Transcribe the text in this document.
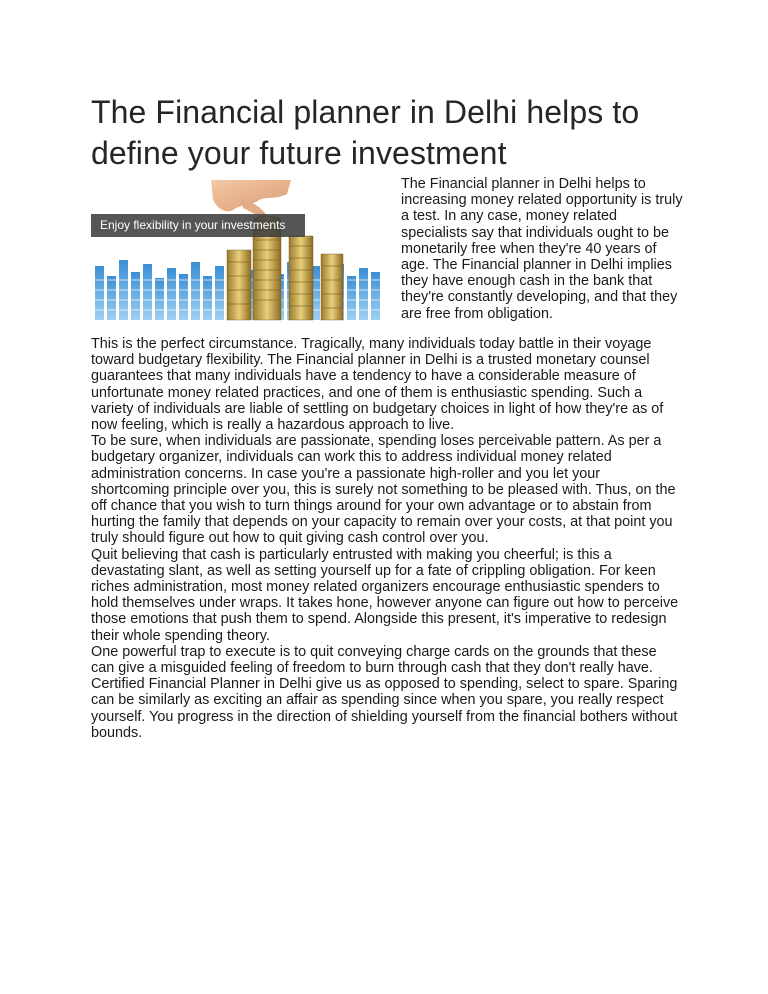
The Financial planner in Delhi helps to define your future investment
Enjoy flexibility in your investments

The Financial planner in Delhi helps to increasing money related opportunity is truly a test. In any case, money related specialists say that individuals ought to be monetarily free when they're 40 years of age. The Financial planner in Delhi implies they have enough cash in the bank that they're constantly developing, and that they are free from obligation.

This is the perfect circumstance. Tragically, many individuals today battle in their voyage toward budgetary flexibility. The Financial planner in Delhi is a trusted monetary counsel guarantees that many individuals have a tendency to have a considerable measure of unfortunate money related practices, and one of them is enthusiastic spending. Such a variety of individuals are liable of settling on budgetary choices in light of how they're as of now feeling, which is really a hazardous approach to live.

To be sure, when individuals are passionate, spending loses perceivable pattern. As per a budgetary organizer, individuals can work this to address individual money related administration concerns. In case you're a passionate high-roller and you let your shortcoming principle over you, this is surely not something to be pleased with. Thus, on the off chance that you wish to turn things around for your own advantage or to abstain from hurting the family that depends on your capacity to remain over your costs, at that point you truly should figure out how to quit giving cash control over you.

Quit believing that cash is particularly entrusted with making you cheerful; is this a devastating slant, as well as setting yourself up for a fate of crippling obligation. For keen riches administration, most money related organizers encourage enthusiastic spenders to hold themselves under wraps. It takes hone, however anyone can figure out how to perceive those emotions that push them to spend. Alongside this present, it's imperative to redesign their whole spending theory.

One powerful trap to execute is to quit conveying charge cards on the grounds that these can give a misguided feeling of freedom to burn through cash that they don't really have. Certified Financial Planner in Delhi give us as opposed to spending, select to spare. Sparing can be similarly as exciting an affair as spending since when you spare, you really respect yourself. You progress in the direction of shielding yourself from the financial bothers without bounds.
